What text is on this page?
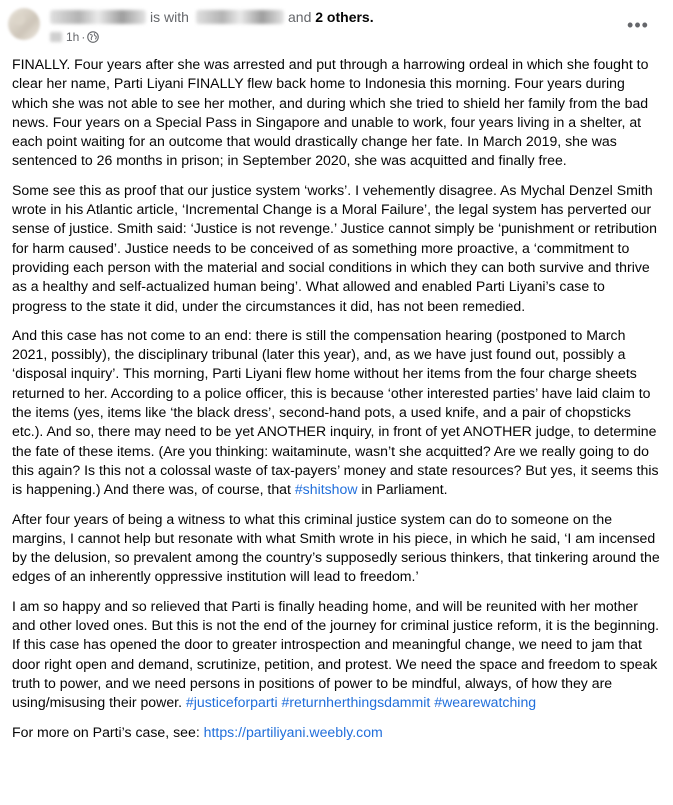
is with	and 2 others.
1h ·
•••

FINALLY. Four years after she was arrested and put through a harrowing ordeal in which she fought to clear her name, Parti Liyani FINALLY flew back home to Indonesia this morning. Four years during which she was not able to see her mother, and during which she tried to shield her family from the bad news. Four years on a Special Pass in Singapore and unable to work, four years living in a shelter, at each point waiting for an outcome that would drastically change her fate. In March 2019, she was sentenced to 26 months in prison; in September 2020, she was acquitted and finally free.

Some see this as proof that our justice system ‘works’. I vehemently disagree. As Mychal Denzel Smith wrote in his Atlantic article, ‘Incremental Change is a Moral Failure’, the legal system has perverted our sense of justice. Smith said: ‘Justice is not revenge.’ Justice cannot simply be ‘punishment or retribution for harm caused’. Justice needs to be conceived of as something more proactive, a ‘commitment to providing each person with the material and social conditions in which they can both survive and thrive as a healthy and self-actualized human being’. What allowed and enabled Parti Liyani’s case to progress to the state it did, under the circumstances it did, has not been remedied.

And this case has not come to an end: there is still the compensation hearing (postponed to March 2021, possibly), the disciplinary tribunal (later this year), and, as we have just found out, possibly a ‘disposal inquiry’. This morning, Parti Liyani flew home without her items from the four charge sheets returned to her. According to a police officer, this is because ‘other interested parties’ have laid claim to the items (yes, items like ‘the black dress’, second-hand pots, a used knife, and a pair of chopsticks etc.). And so, there may need to be yet ANOTHER inquiry, in front of yet ANOTHER judge, to determine the fate of these items. (Are you thinking: waitaminute, wasn’t she acquitted? Are we really going to do this again? Is this not a colossal waste of tax-payers’ money and state resources? But yes, it seems this is happening.) And there was, of course, that #shitshow in Parliament.

After four years of being a witness to what this criminal justice system can do to someone on the margins, I cannot help but resonate with what Smith wrote in his piece, in which he said, ‘I am incensed by the delusion, so prevalent among the country’s supposedly serious thinkers, that tinkering around the edges of an inherently oppressive institution will lead to freedom.’

I am so happy and so relieved that Parti is finally heading home, and will be reunited with her mother and other loved ones. But this is not the end of the journey for criminal justice reform, it is the beginning. If this case has opened the door to greater introspection and meaningful change, we need to jam that door right open and demand, scrutinize, petition, and protest. We need the space and freedom to speak truth to power, and we need persons in positions of power to be mindful, always, of how they are using/misusing their power. #justiceforparti #returnherthingsdammit #wearewatching

For more on Parti’s case, see: https://partiliyani.weebly.com
